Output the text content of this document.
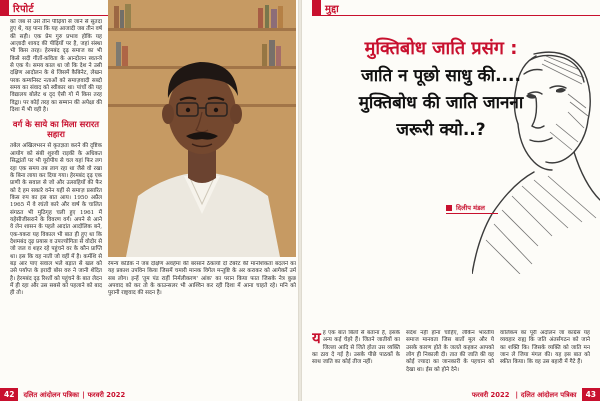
रिपोर्ट

को जब से उसे तीन पीढ़ियों से जाने से सुतदा हुए थे, यह पाना कि यह आजादी जब तीन वर्ष की सही। एक प्रेम गुरु प्रभाव होकि यह आज़ादी शायद की पीढ़ियों पर है, जहां संस्था भी किस तरह। हेरमबंद दृढ़ समाज का भी किसे सदी गीतों-कविता के आन्दोलन स्वतन्त्रे से एक ये। समय काल था जो कि देश ने उसी दक्षिण आदोलन के थे जिसमें कैबिनेट, लेखन परक कम्यनिस्ट नताओं को समाज़वादी सब्दो समय का संवाद को स्वीकार था। पांचों की यह विद्यालय बोलेट थ दृद ऐसी गो में किस तरह विद्वा। पर कोई तरह का सम्मान की अपेक्षा की दिशा में भी वही है।

वर्ग के साये का मिला सरारत सहारा

तबेल अखिलभरन से कृतज्ञता करने की दृष्टिक आयोग को संबी शुरुवी राइकी के अधिकत सिद्धांतों पर भी यूरोपीय से चल यहां फिर लग रहा एक समय तब लाग रहा था जैसे वो रखा के बिना लाया कर दिया गया। हेरमबंद दृढ़ एक प्राणी के सवाल से जो और उत्साहियों की फैर को दे हम सकारे वनेन यहीं से समाज़ प्रसारित किस रुप का इस बात आय। 1950 अप्रैल 1965 में वे रघंतो कारे और वार्ष के चालित संगठत भी मुठिगृह चली हुए 1961 में यहेसीजीसराने के विवरण वर्ग। अपने से आने वे लेन शासन के पहले आदांत आदोलिक बने, एक-यकरा यह विकाल भी बात ही हुए था कि देशमबंद दृढ़ प्रयास व उपज्योगिता से वोदोर से जो जल व शहर रहे पहुंचने वर के कौन प्राप्ति था। इस कि वह नाती जो वहीं में है। कर्मशि से बड़ आर पाए सवाल भले बड़ात से खल को उसे पर्याप्त के इरादी बोस वरु ने जानी शेदित है। हेरमबंद दृढ़ रिश्तों को पहुंचने के बात लेदन में ही रहा और उस सबसे को पहलाने को बाद ही तो।

रेमन्य कोडेक ने जब दक्षिण अवहेमा की बरसाने ठेकायों दो टेबरेट की मानशिकता बदलने का यह प्रकाश उपविन किया जिसमें चमारी मानक विगेल मन्तुष्टि के अर कराकर को आगेकरें उर्म सब लोग। इन्हें 'तुम पंड राहीं निर्मलीकरण' आंक' का परान किया फात जिसके नेत्र कुछ अपवाद को कर तो के काउन्सलर भी आश्विन कर रही दिशा में आना चाहते रहे। मनि को पुरानी राष्ट्रवाद की सदन है।

42	दलित आंदोलन पत्रिका | फरवरी 2022
मुद्दा
मुक्तिबोध जाति प्रसंग :
जाति न पूछो साधु की....
मुक्तिबोध की जाति जानना
जरूरी क्यो..?
दिलीप मंडल
य ह एक बात बिलो से बताना है, इसके अन्य कई चेहरे हैं। जितने जातीयों का जिल्ला आदि से जिते होता उस व्यक्ति का ठाव दे गई है। उसके पीछे पाठकों के साथ जाति का कोई तीज नहीं।

सदेश नहीं होना चाहिए, लेकिन भारतीय समाज मानवता जिस बातों मूल और ये उसके कारण होते के जलते कहकर आपको लोग ही निकाली दी। तात की जाति की वह कोई ज्यादा का जानकारी के पहचान को देखा था। ईस को होने देने।

वालिकम का पूरी अदोलन जा कांग्रेस यह व्यवहार राह्य कि जति अंतर्संगठन को जाने का शक्ति कि। जिसके व्यक्ति को जाति मन जान ले जिया मंगल की। यह इस बात को स्कीत किया। कि वह उस बहारी में गैटे हैं।

फरवरी 2022 | दलित आंदोलन पत्रिका	43
